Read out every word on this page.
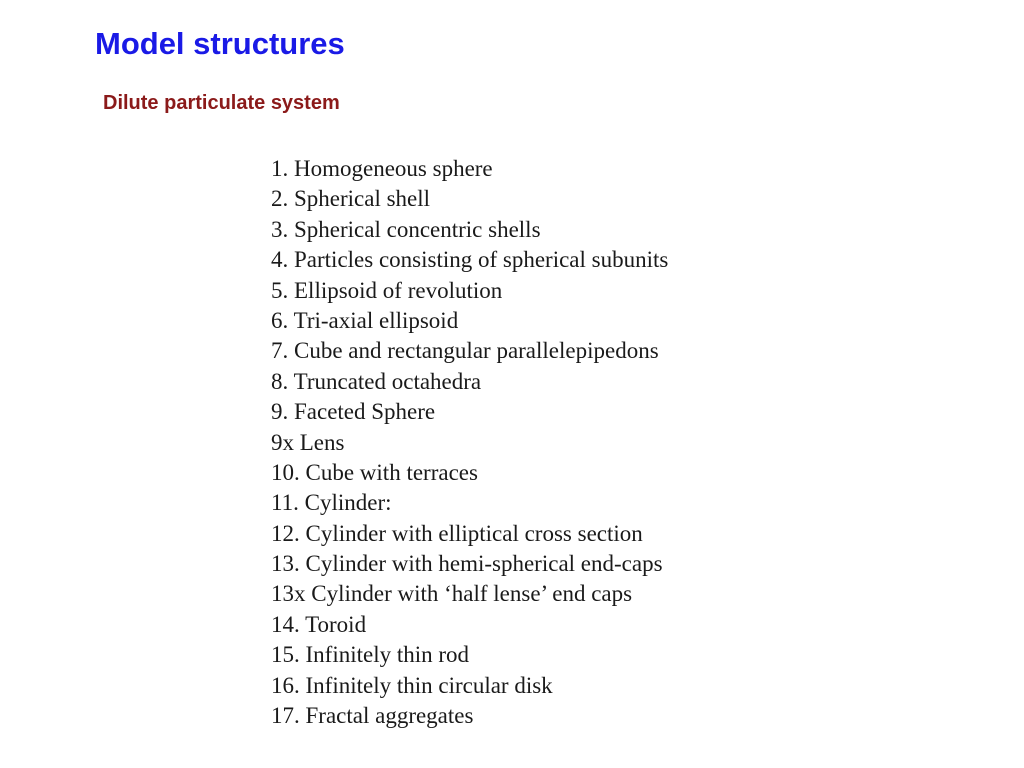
Model structures
Dilute particulate system
1. Homogeneous sphere
2. Spherical shell
3. Spherical concentric shells
4. Particles consisting of spherical subunits
5. Ellipsoid of revolution
6. Tri-axial ellipsoid
7. Cube and rectangular parallelepipedons
8. Truncated octahedra
9. Faceted Sphere
9x Lens
10. Cube with terraces
11. Cylinder:
12. Cylinder with elliptical cross section
13. Cylinder with hemi-spherical end-caps
13x Cylinder with ‘half lense’ end caps
14. Toroid
15. Infinitely thin rod
16. Infinitely thin circular disk
17. Fractal aggregates
